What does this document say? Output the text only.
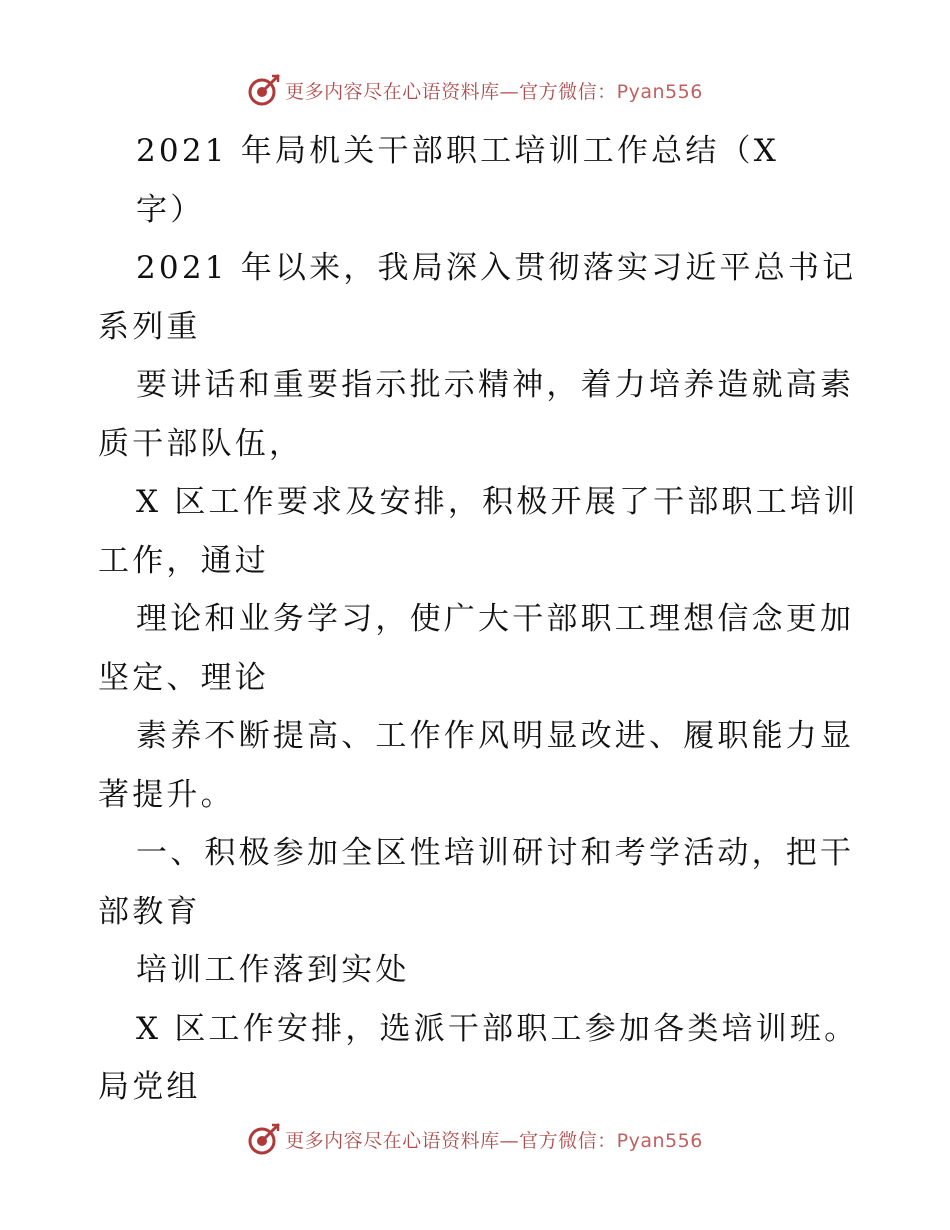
更多内容尽在心语资料库—官方微信：Pyan556
2021 年局机关干部职工培训工作总结（X
字）
2021 年以来，我局深入贯彻落实习近平总书记
系列重
要讲话和重要指示批示精神，着力培养造就高素
质干部队伍，
X 区工作要求及安排，积极开展了干部职工培训
工作，通过
理论和业务学习，使广大干部职工理想信念更加
坚定、理论
素养不断提高、工作作风明显改进、履职能力显
著提升。
一、积极参加全区性培训研讨和考学活动，把干
部教育
培训工作落到实处
X 区工作安排，选派干部职工参加各类培训班。
局党组
更多内容尽在心语资料库—官方微信：Pyan556
